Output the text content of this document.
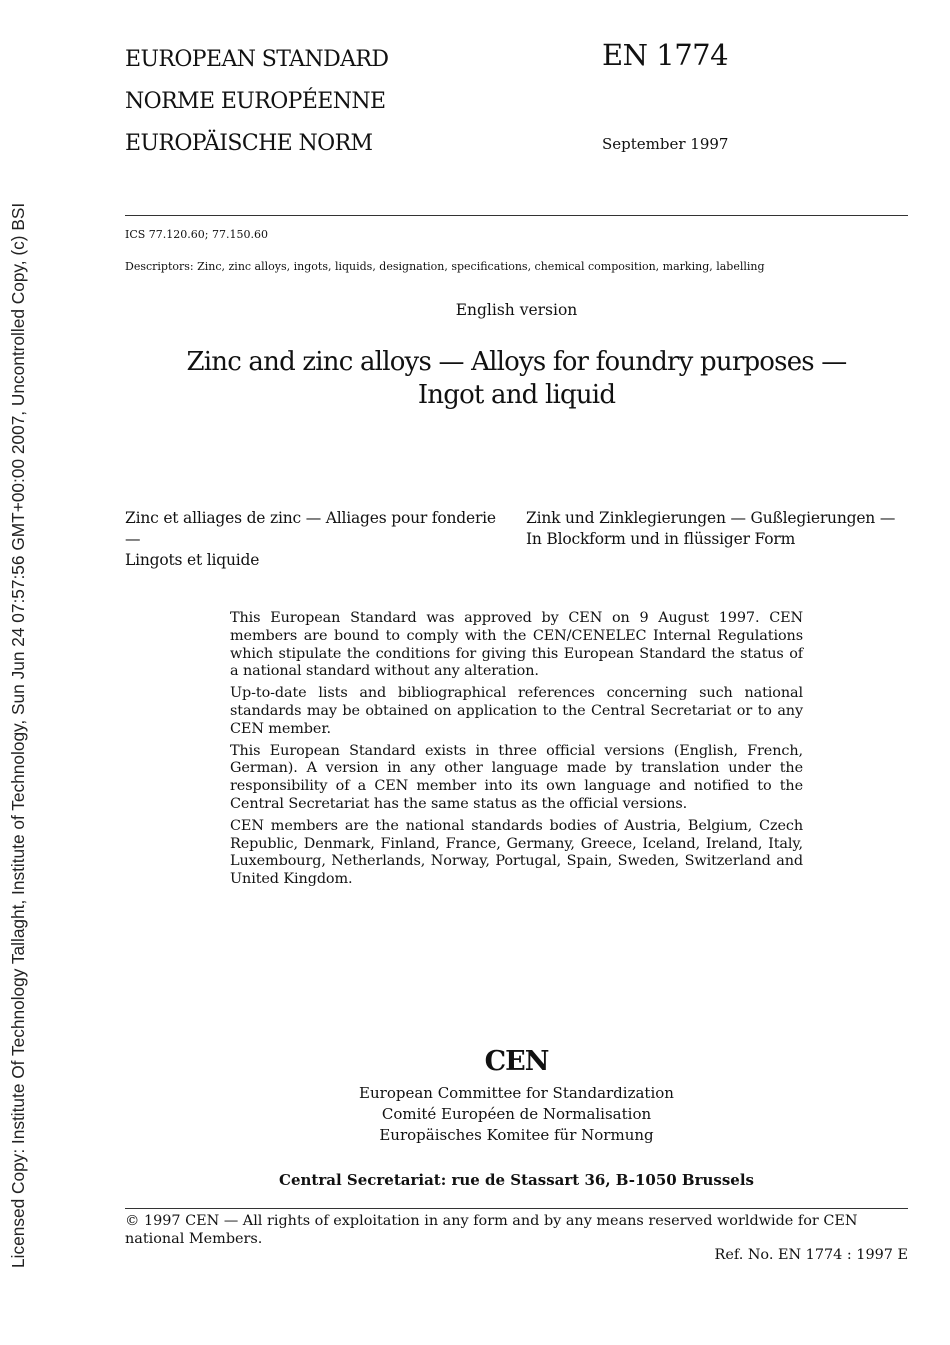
Licensed Copy: Institute Of Technology Tallaght, Institute of Technology, Sun Jun 24 07:57:56 GMT+00:00 2007, Uncontrolled Copy, (c) BSI
EUROPEAN STANDARD
NORME EUROPÉENNE
EUROPÄISCHE NORM
EN 1774
September 1997
ICS 77.120.60; 77.150.60
Descriptors: Zinc, zinc alloys, ingots, liquids, designation, specifications, chemical composition, marking, labelling
English version
Zinc and zinc alloys — Alloys for foundry purposes —
Ingot and liquid
Zinc et alliages de zinc — Alliages pour fonderie —
Lingots et liquide
Zink und Zinklegierungen — Gußlegierungen —
In Blockform und in flüssiger Form

This European Standard was approved by CEN on 9 August 1997. CEN members are bound to comply with the CEN/CENELEC Internal Regulations which stipulate the conditions for giving this European Standard the status of a national standard without any alteration.

Up-to-date lists and bibliographical references concerning such national standards may be obtained on application to the Central Secretariat or to any CEN member.

This European Standard exists in three official versions (English, French, German). A version in any other language made by translation under the responsibility of a CEN member into its own language and notified to the Central Secretariat has the same status as the official versions.

CEN members are the national standards bodies of Austria, Belgium, Czech Republic, Denmark, Finland, France, Germany, Greece, Iceland, Ireland, Italy, Luxembourg, Netherlands, Norway, Portugal, Spain, Sweden, Switzerland and United Kingdom.

CEN
European Committee for Standardization
Comité Européen de Normalisation
Europäisches Komitee für Normung
Central Secretariat: rue de Stassart 36, B-1050 Brussels
© 1997 CEN — All rights of exploitation in any form and by any means reserved worldwide for CEN national Members.
Ref. No. EN 1774 : 1997 E
